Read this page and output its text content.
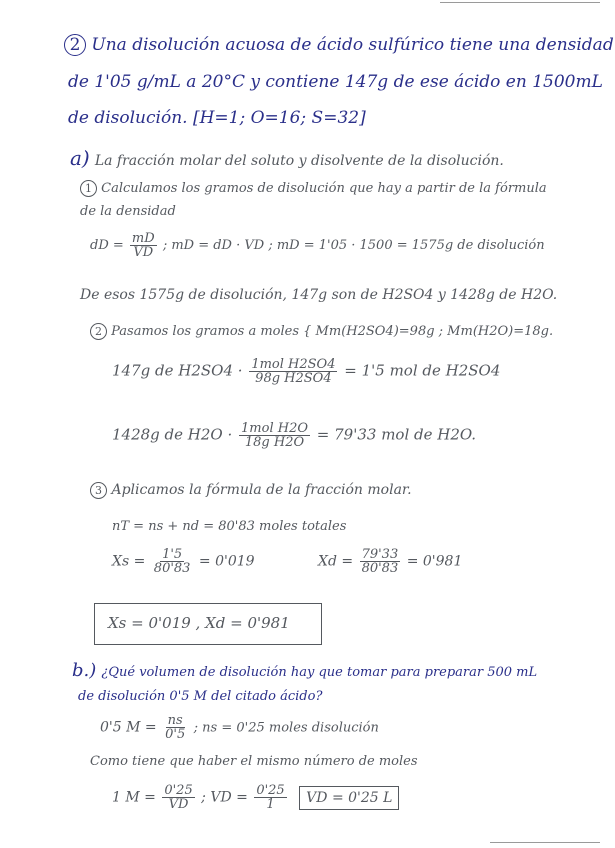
2 Una disolución acuosa de ácido sulfúrico tiene una densidad
de 1'05 g/mL a 20°C y contiene 147g de ese ácido en 1500mL
de disolución. [H=1; O=16; S=32]
a) La fracción molar del soluto y disolvente de la disolución.
1 Calculamos los gramos de disolución que hay a partir de la fórmula
de la densidad
dD = $\frac{mD}{VD}$ ; mD = dD · VD ; mD = 1'05 · 1500 = 1575g de disolución
De esos 1575g de disolución, 147g son de H2SO4 y 1428g de H2O.
2 Pasamos los gramos a moles { Mm(H2SO4)=98g ; Mm(H2O)=18g.
147g de $H2SO4 \cdot \frac{\text{1mol H2SO4}}{\text{98g H2SO4}} = 1'5$ mol de H2SO4
1428g de $H2O \cdot \frac{\text{1mol H2O}}{\text{18g H2O}} = 79'33$ mol de H2O.
3 Aplicamos la fórmula de la fracción molar.
nT = ns + nd = 80'83 moles totales
$Xs = \frac{1'5}{80'83} = 0'019$	$Xd = \frac{79'33}{80'83} = 0'981$
Xs = 0'019 , Xd = 0'981
b.) ¿Qué volumen de disolución hay que tomar para preparar 500 mL
de disolución 0'5 M del citado ácido?
0'5 $M = \frac{ns}{0'5}$ ; ns = 0'25 moles disolución
Como tiene que haber el mismo número de moles
1 $M = \frac{0'25}{VD}$ ; VD = $\frac{0'25}{1}$ VD = 0'25 L
